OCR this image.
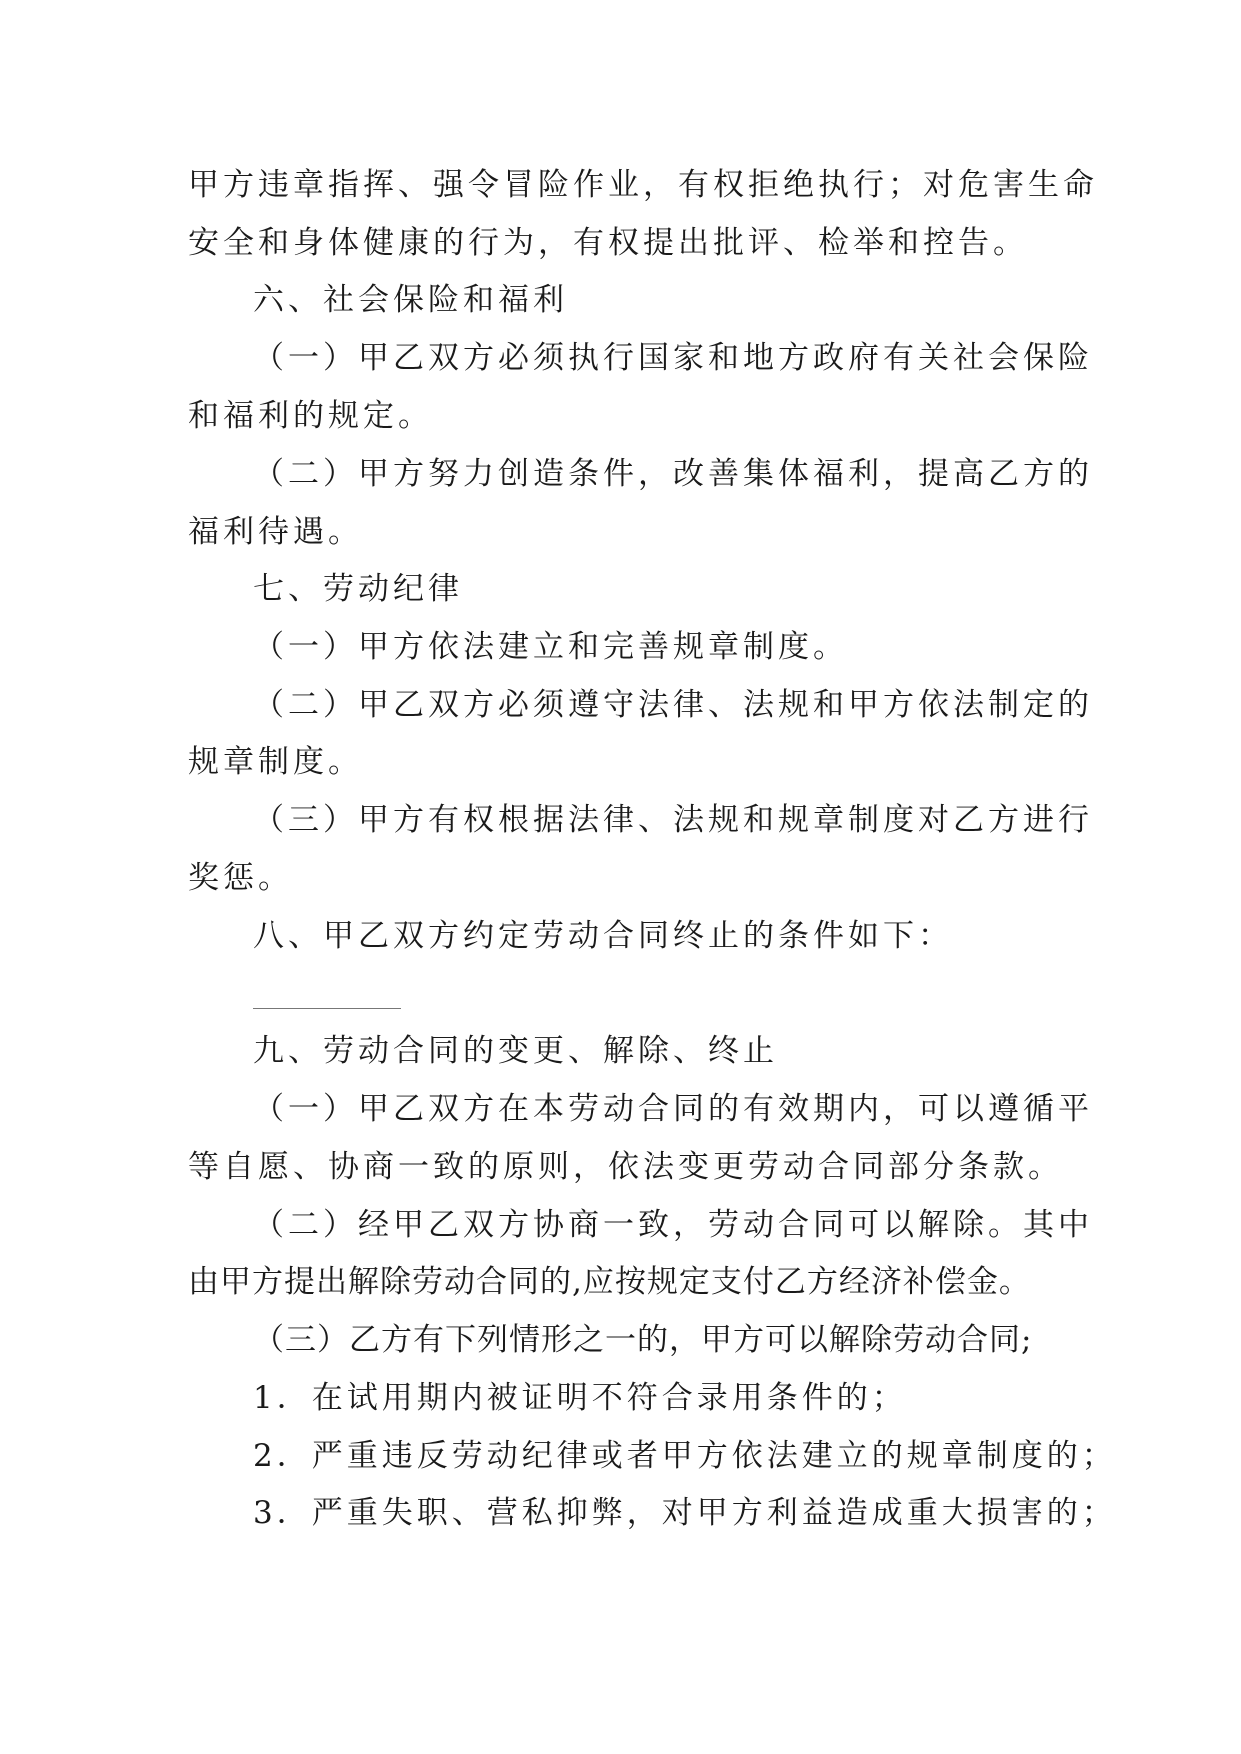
甲方违章指挥、强令冒险作业，有权拒绝执行；对危害生命
安全和身体健康的行为，有权提出批评、检举和控告。
六、社会保险和福利
（一）甲乙双方必须执行国家和地方政府有关社会保险
和福利的规定。
（二）甲方努力创造条件，改善集体福利，提高乙方的
福利待遇。
七、劳动纪律
（一）甲方依法建立和完善规章制度。
（二）甲乙双方必须遵守法律、法规和甲方依法制定的
规章制度。
（三）甲方有权根据法律、法规和规章制度对乙方进行
奖惩。
八、甲乙双方约定劳动合同终止的条件如下：
九、劳动合同的变更、解除、终止
（一）甲乙双方在本劳动合同的有效期内，可以遵循平
等自愿、协商一致的原则，依法变更劳动合同部分条款。
（二）经甲乙双方协商一致，劳动合同可以解除。其中
由甲方提出解除劳动合同的,应按规定支付乙方经济补偿金。
（三）乙方有下列情形之一的，甲方可以解除劳动合同;
1．在试用期内被证明不符合录用条件的；
2．严重违反劳动纪律或者甲方依法建立的规章制度的；
3．严重失职、营私抑弊，对甲方利益造成重大损害的；
